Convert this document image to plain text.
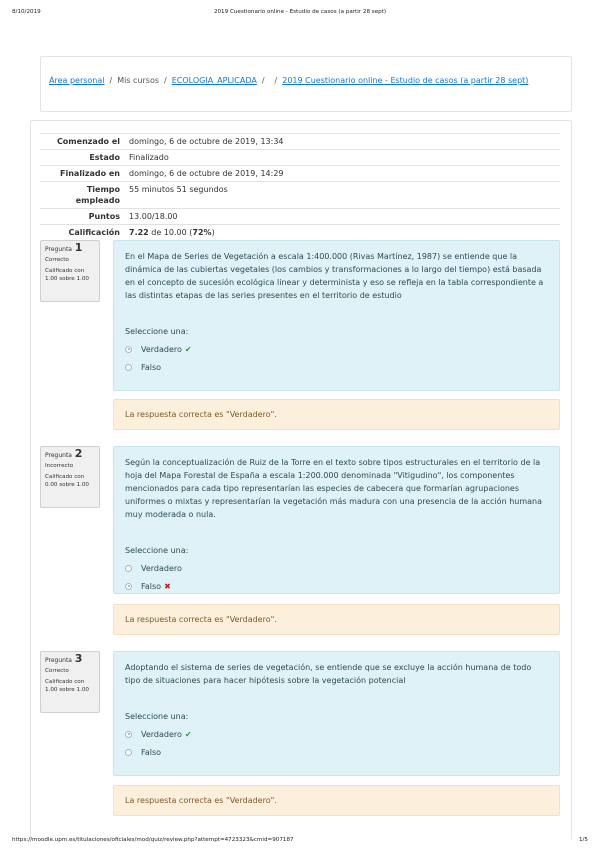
8/10/2019	2019 Cuestionario online - Estudio de casos (a partir 28 sept)
Área personal / Mis cursos / ECOLOGIA_APLICADA / / 2019 Cuestionario online - Estudio de casos (a partir 28 sept)
Comenzado el	domingo, 6 de octubre de 2019, 13:34
Estado	Finalizado
Finalizado en	domingo, 6 de octubre de 2019, 14:29
Tiempo empleado	55 minutos 51 segundos
Puntos	13.00/18.00
Calificación	7.22 de 10.00 (72%)
Pregunta 1
Correcto
Calificado con 1.00 sobre 1.00
En el Mapa de Series de Vegetación a escala 1:400.000 (Rivas Martínez, 1987) se entiende que la dinámica de las cubiertas vegetales (los cambios y transformaciones a lo largo del tiempo) está basada en el concepto de sucesión ecológica linear y determinista y eso se refleja en la tabla correspondiente a las distintas etapas de las series presentes en el territorio de estudio
Seleccione una:
Verdadero ✔
Falso
La respuesta correcta es "Verdadero".
Pregunta 2
Incorrecto
Calificado con 0.00 sobre 1.00
Según la conceptualización de Ruiz de la Torre en el texto sobre tipos estructurales en el territorio de la hoja del Mapa Forestal de España a escala 1:200.000 denominada "Vitigudino", los componentes mencionados para cada tipo representarían las especies de cabecera que formarían agrupaciones uniformes o mixtas y representarían la vegetación más madura con una presencia de la acción humana muy moderada o nula.
Seleccione una:
Verdadero
Falso ✖
La respuesta correcta es "Verdadero".
Pregunta 3
Correcto
Calificado con 1.00 sobre 1.00
Adoptando el sistema de series de vegetación, se entiende que se excluye la acción humana de todo tipo de situaciones para hacer hipótesis sobre la vegetación potencial
Seleccione una:
Verdadero ✔
Falso
La respuesta correcta es "Verdadero".
https://moodle.upm.es/titulaciones/oficiales/mod/quiz/review.php?attempt=4723323&cmid=907187	1/5
